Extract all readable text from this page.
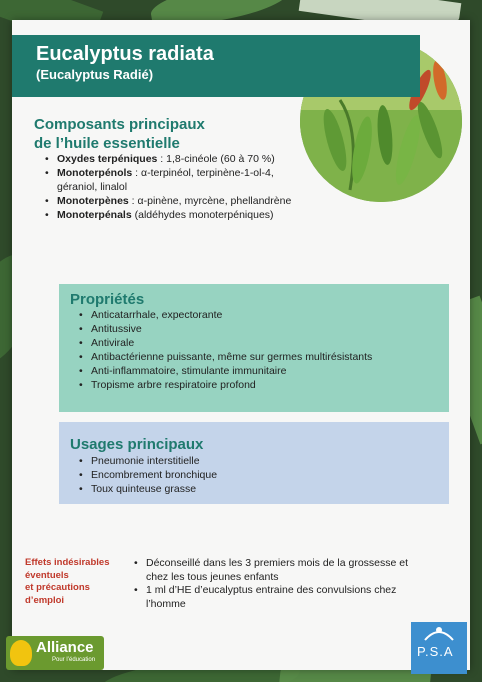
Eucalyptus radiata
(Eucalyptus Radié)
Composants principaux
de l’huile essentielle
• Oxydes terpéniques : 1,8-cinéole (60 à 70 %)
• Monoterpénols : α-terpinéol, terpinène-1-ol-4, géraniol, linalol
• Monoterpènes : α-pinène, myrcène, phellandrène
• Monoterpénals (aldéhydes monoterpéniques)
Propriétés
• Anticatarrhale, expectorante
• Antitussive
• Antivirale
• Antibactérienne puissante, même sur germes multirésistants
• Anti-inflammatoire, stimulante immunitaire
• Tropisme arbre respiratoire profond
Usages principaux
• Pneumonie interstitielle
• Encombrement bronchique
• Toux quinteuse grasse
Effets indésirables
éventuels
et précautions
d’emploi
• Déconseillé dans les 3 premiers mois de la grossesse et chez les tous jeunes enfants
• 1 ml d’HE d’eucalyptus entraine des convulsions chez l’homme
Alliance
Pour l’éducation
P.S.A
